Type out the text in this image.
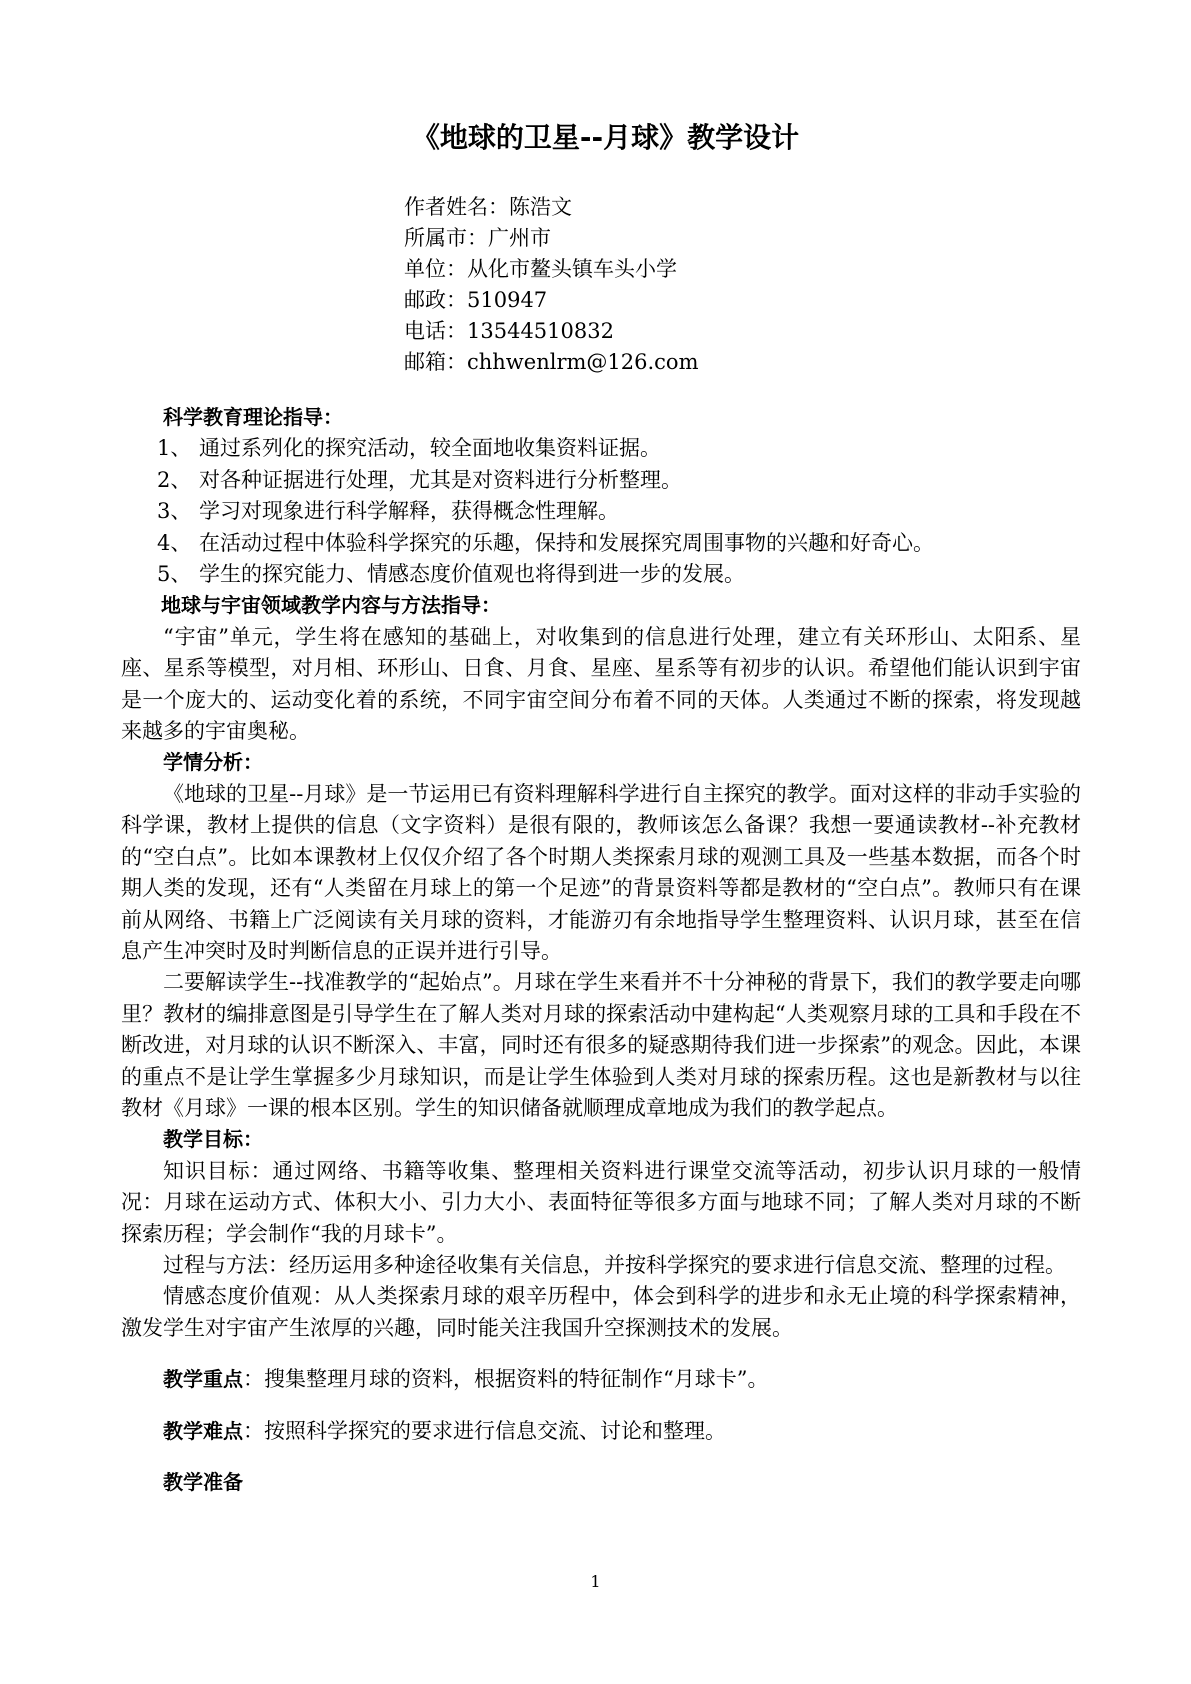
《地球的卫星--月球》教学设计
作者姓名：陈浩文
所属市：广州市
单位：从化市鳌头镇车头小学
邮政：510947
电话：13544510832
邮箱：chhwenlrm@126.com
科学教育理论指导：
1、 通过系列化的探究活动，较全面地收集资料证据。
2、 对各种证据进行处理，尤其是对资料进行分析整理。
3、 学习对现象进行科学解释，获得概念性理解。
4、 在活动过程中体验科学探究的乐趣，保持和发展探究周围事物的兴趣和好奇心。
5、 学生的探究能力、情感态度价值观也将得到进一步的发展。
地球与宇宙领域教学内容与方法指导：
“宇宙”单元，学生将在感知的基础上，对收集到的信息进行处理，建立有关环形山、太阳系、星座、星系等模型，对月相、环形山、日食、月食、星座、星系等有初步的认识。希望他们能认识到宇宙是一个庞大的、运动变化着的系统，不同宇宙空间分布着不同的天体。人类通过不断的探索，将发现越来越多的宇宙奥秘。
学情分析：
《地球的卫星--月球》是一节运用已有资料理解科学进行自主探究的教学。面对这样的非动手实验的科学课，教材上提供的信息（文字资料）是很有限的，教师该怎么备课？我想一要通读教材--补充教材的“空白点”。比如本课教材上仅仅介绍了各个时期人类探索月球的观测工具及一些基本数据，而各个时期人类的发现，还有“人类留在月球上的第一个足迹”的背景资料等都是教材的“空白点”。教师只有在课前从网络、书籍上广泛阅读有关月球的资料，才能游刃有余地指导学生整理资料、认识月球，甚至在信息产生冲突时及时判断信息的正误并进行引导。
二要解读学生--找准教学的“起始点”。月球在学生来看并不十分神秘的背景下，我们的教学要走向哪里？教材的编排意图是引导学生在了解人类对月球的探索活动中建构起“人类观察月球的工具和手段在不断改进，对月球的认识不断深入、丰富，同时还有很多的疑惑期待我们进一步探索”的观念。因此，本课的重点不是让学生掌握多少月球知识，而是让学生体验到人类对月球的探索历程。这也是新教材与以往教材《月球》一课的根本区别。学生的知识储备就顺理成章地成为我们的教学起点。
教学目标：
知识目标：通过网络、书籍等收集、整理相关资料进行课堂交流等活动，初步认识月球的一般情况：月球在运动方式、体积大小、引力大小、表面特征等很多方面与地球不同；了解人类对月球的不断探索历程；学会制作“我的月球卡”。
过程与方法：经历运用多种途径收集有关信息，并按科学探究的要求进行信息交流、整理的过程。
情感态度价值观：从人类探索月球的艰辛历程中，体会到科学的进步和永无止境的科学探索精神，激发学生对宇宙产生浓厚的兴趣，同时能关注我国升空探测技术的发展。
教学重点：搜集整理月球的资料，根据资料的特征制作“月球卡”。
教学难点：按照科学探究的要求进行信息交流、讨论和整理。
教学准备
1
